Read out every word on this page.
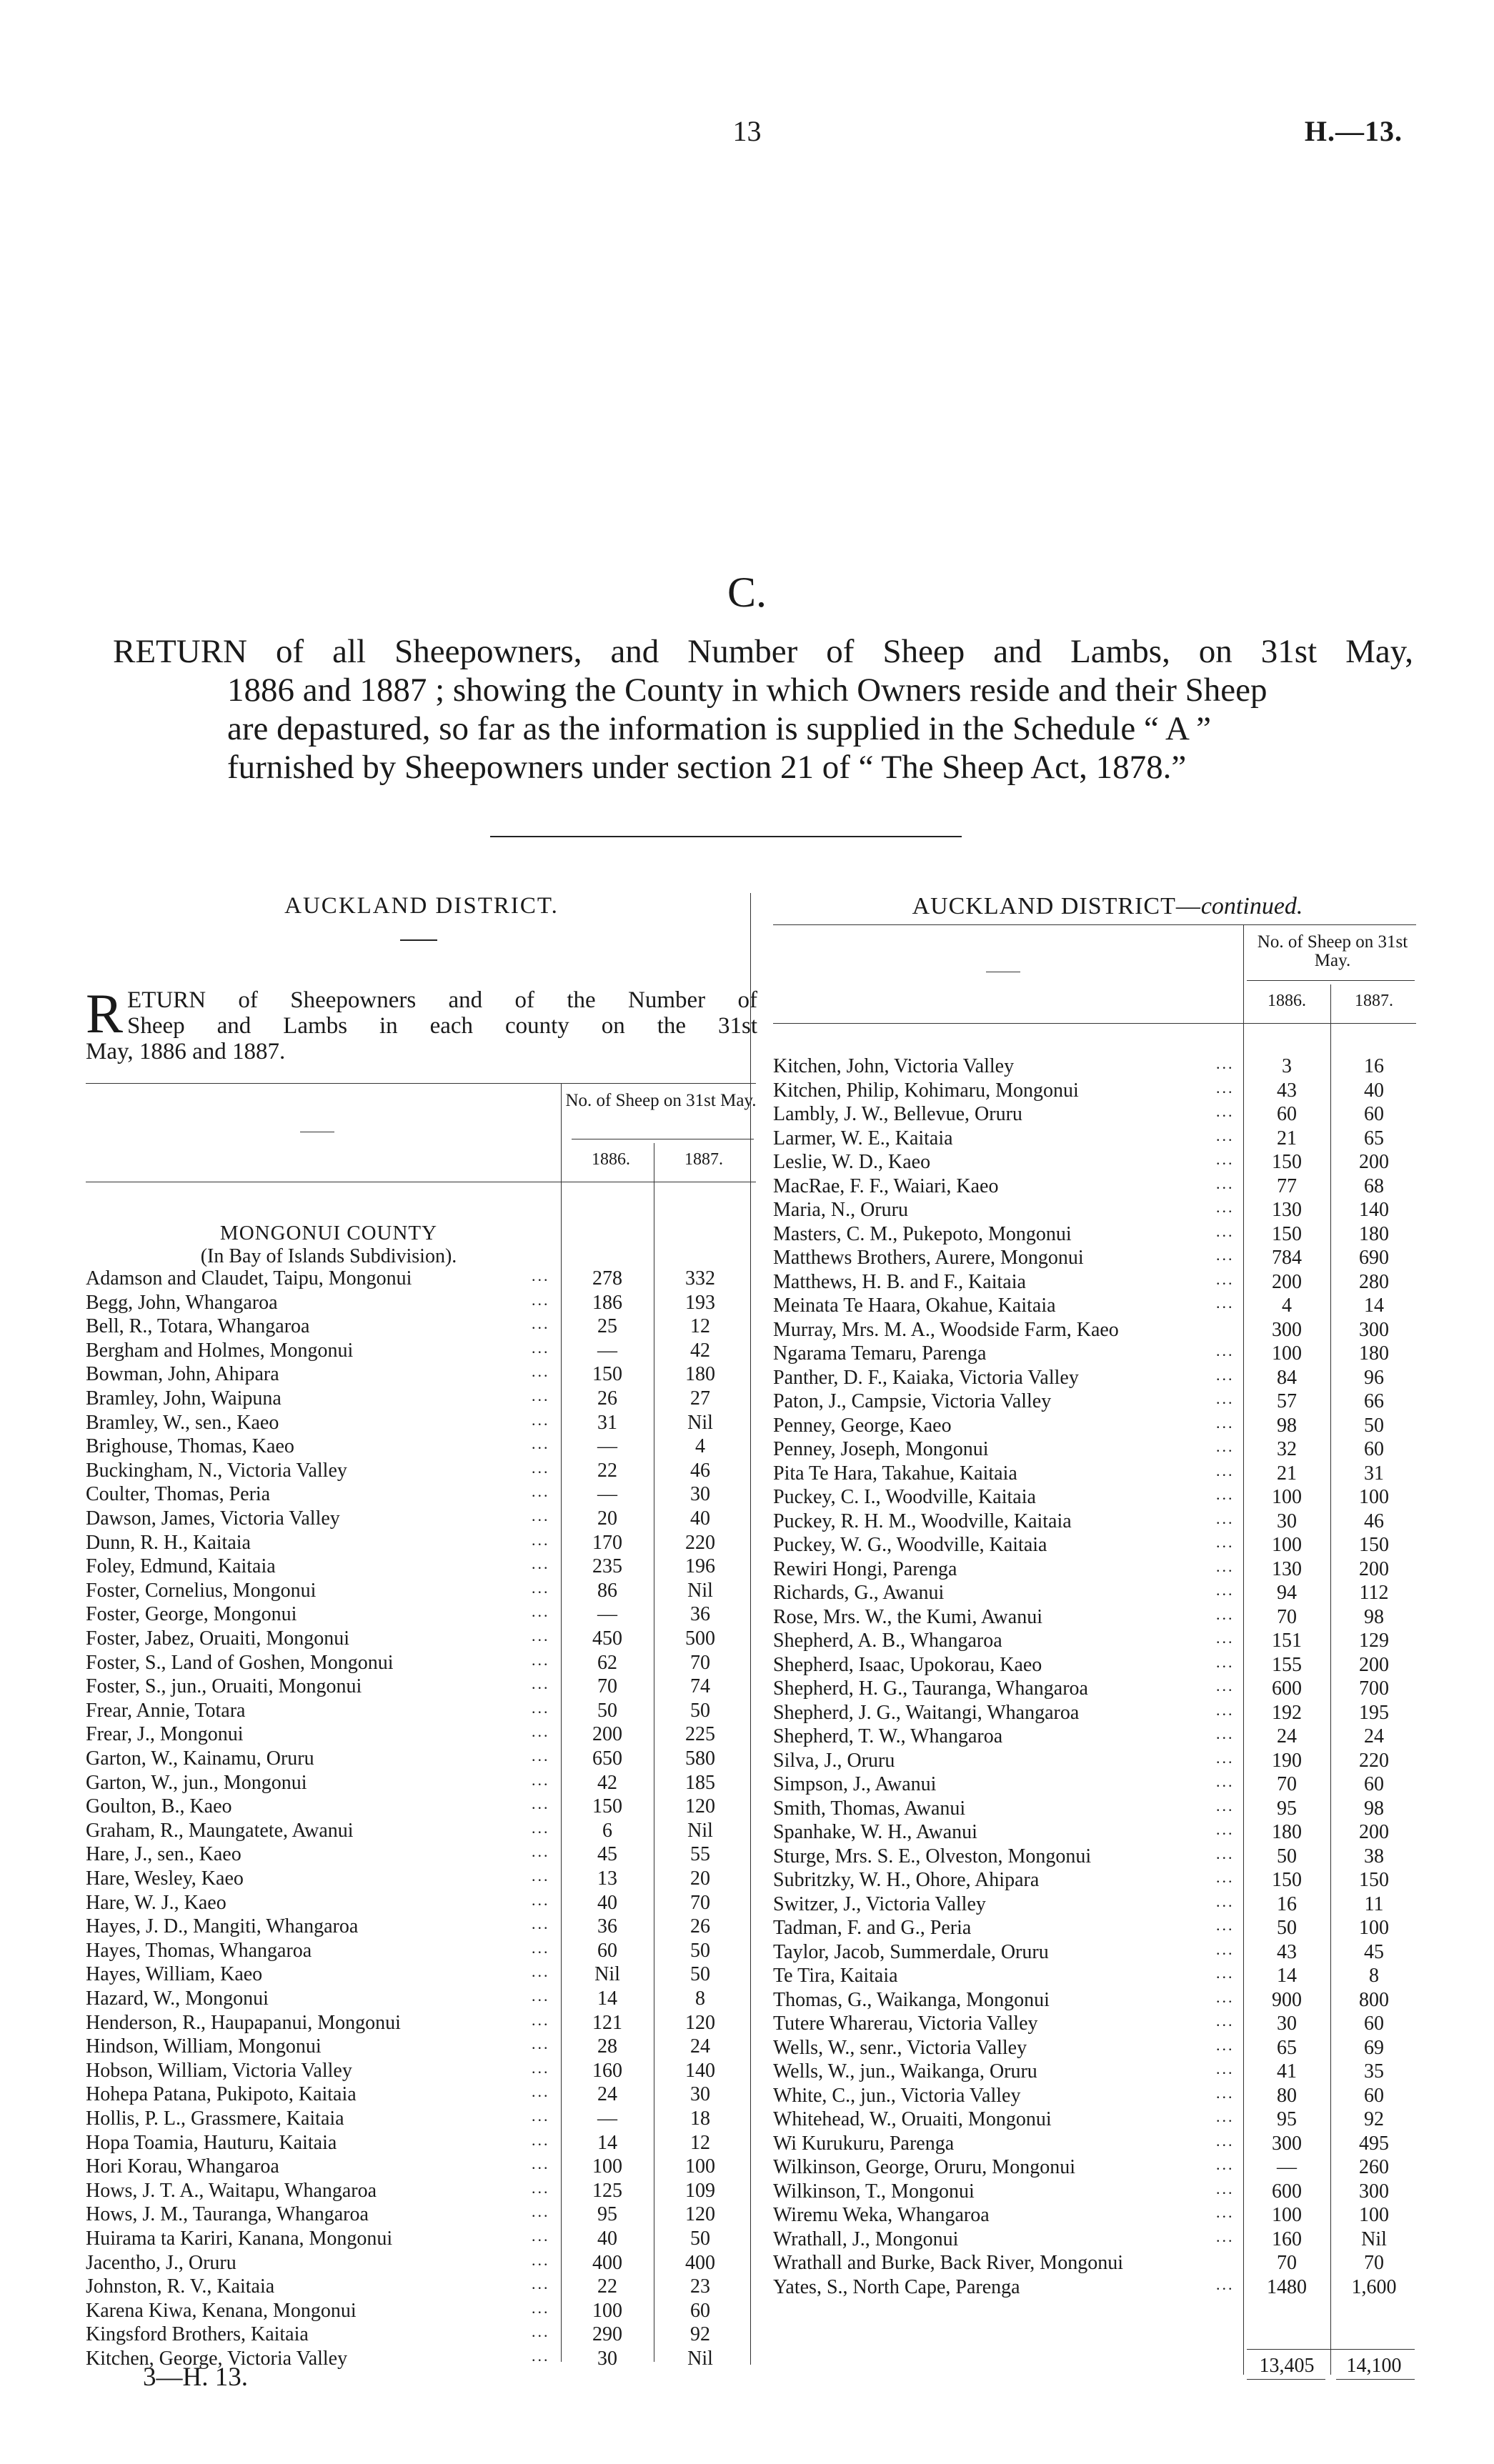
13	H.—13.
C.
RETURN of all Sheepowners, and Number of Sheep and Lambs, on 31st May,
1886 and 1887 ; showing the County in which Owners reside and their Sheep
are depastured, so far as the information is supplied in the Schedule “ A ”
furnished by Sheepowners under section 21 of “ The Sheep Act, 1878.”
AUCKLAND DISTRICT.
R ETURN of Sheepowners and of the Number of
Sheep and Lambs in each county on the 31st
May, 1886 and 1887.
No. of Sheep on 31st May.
1886.	1887.
MONGONUI COUNTY
(In Bay of Islands Subdivision).
Adamson and Claudet, Taipu, Mongonui	...	278	332
Begg, John, Whangaroa	...	186	193
Bell, R., Totara, Whangaroa	...	25	12
Bergham and Holmes, Mongonui	...	—	42
Bowman, John, Ahipara	...	150	180
Bramley, John, Waipuna	...	26	27
Bramley, W., sen., Kaeo	...	31	Nil
Brighouse, Thomas, Kaeo	...	—	4
Buckingham, N., Victoria Valley	...	22	46
Coulter, Thomas, Peria	...	—	30
Dawson, James, Victoria Valley	...	20	40
Dunn, R. H., Kaitaia	...	170	220
Foley, Edmund, Kaitaia	...	235	196
Foster, Cornelius, Mongonui	...	86	Nil
Foster, George, Mongonui	...	—	36
Foster, Jabez, Oruaiti, Mongonui	...	450	500
Foster, S., Land of Goshen, Mongonui	...	62	70
Foster, S., jun., Oruaiti, Mongonui	...	70	74
Frear, Annie, Totara	...	50	50
Frear, J., Mongonui	...	200	225
Garton, W., Kainamu, Oruru	...	650	580
Garton, W., jun., Mongonui	...	42	185
Goulton, B., Kaeo	...	150	120
Graham, R., Maungatete, Awanui	...	6	Nil
Hare, J., sen., Kaeo	...	45	55
Hare, Wesley, Kaeo	...	13	20
Hare, W. J., Kaeo	...	40	70
Hayes, J. D., Mangiti, Whangaroa	...	36	26
Hayes, Thomas, Whangaroa	...	60	50
Hayes, William, Kaeo	...	Nil	50
Hazard, W., Mongonui	...	14	8
Henderson, R., Haupapanui, Mongonui	...	121	120
Hindson, William, Mongonui	...	28	24
Hobson, William, Victoria Valley	...	160	140
Hohepa Patana, Pukipoto, Kaitaia	...	24	30
Hollis, P. L., Grassmere, Kaitaia	...	—	18
Hopa Toamia, Hauturu, Kaitaia	...	14	12
Hori Korau, Whangaroa	...	100	100
Hows, J. T. A., Waitapu, Whangaroa	...	125	109
Hows, J. M., Tauranga, Whangaroa	...	95	120
Huirama ta Kariri, Kanana, Mongonui	...	40	50
Jacentho, J., Oruru	...	400	400
Johnston, R. V., Kaitaia	...	22	23
Karena Kiwa, Kenana, Mongonui	...	100	60
Kingsford Brothers, Kaitaia	...	290	92
Kitchen, George, Victoria Valley	...	30	Nil
AUCKLAND DISTRICT—continued.
No. of Sheep on 31st May.
1886.	1887.
Kitchen, John, Victoria Valley	...	3	16
Kitchen, Philip, Kohimaru, Mongonui	...	43	40
Lambly, J. W., Bellevue, Oruru	...	60	60
Larmer, W. E., Kaitaia	...	21	65
Leslie, W. D., Kaeo	...	150	200
MacRae, F. F., Waiari, Kaeo	...	77	68
Maria, N., Oruru	...	130	140
Masters, C. M., Pukepoto, Mongonui	...	150	180
Matthews Brothers, Aurere, Mongonui	...	784	690
Matthews, H. B. and F., Kaitaia	...	200	280
Meinata Te Haara, Okahue, Kaitaia	...	4	14
Murray, Mrs. M. A., Woodside Farm, Kaeo	300	300
Ngarama Temaru, Parenga	...	100	180
Panther, D. F., Kaiaka, Victoria Valley	...	84	96
Paton, J., Campsie, Victoria Valley	...	57	66
Penney, George, Kaeo	...	98	50
Penney, Joseph, Mongonui	...	32	60
Pita Te Hara, Takahue, Kaitaia	...	21	31
Puckey, C. I., Woodville, Kaitaia	...	100	100
Puckey, R. H. M., Woodville, Kaitaia	...	30	46
Puckey, W. G., Woodville, Kaitaia	...	100	150
Rewiri Hongi, Parenga	...	130	200
Richards, G., Awanui	...	94	112
Rose, Mrs. W., the Kumi, Awanui	...	70	98
Shepherd, A. B., Whangaroa	...	151	129
Shepherd, Isaac, Upokorau, Kaeo	...	155	200
Shepherd, H. G., Tauranga, Whangaroa	...	600	700
Shepherd, J. G., Waitangi, Whangaroa	...	192	195
Shepherd, T. W., Whangaroa	...	24	24
Silva, J., Oruru	...	190	220
Simpson, J., Awanui	...	70	60
Smith, Thomas, Awanui	...	95	98
Spanhake, W. H., Awanui	...	180	200
Sturge, Mrs. S. E., Olveston, Mongonui	...	50	38
Subritzky, W. H., Ohore, Ahipara	...	150	150
Switzer, J., Victoria Valley	...	16	11
Tadman, F. and G., Peria	...	50	100
Taylor, Jacob, Summerdale, Oruru	...	43	45
Te Tira, Kaitaia	...	14	8
Thomas, G., Waikanga, Mongonui	...	900	800
Tutere Wharerau, Victoria Valley	...	30	60
Wells, W., senr., Victoria Valley	...	65	69
Wells, W., jun., Waikanga, Oruru	...	41	35
White, C., jun., Victoria Valley	...	80	60
Whitehead, W., Oruaiti, Mongonui	...	95	92
Wi Kurukuru, Parenga	...	300	495
Wilkinson, George, Oruru, Mongonui	...	—	260
Wilkinson, T., Mongonui	...	600	300
Wiremu Weka, Whangaroa	...	100	100
Wrathall, J., Mongonui	...	160	Nil
Wrathall and Burke, Back River, Mongonui	70	70
Yates, S., North Cape, Parenga	...	1480	1,600
13,405	14,100
3—H. 13.
